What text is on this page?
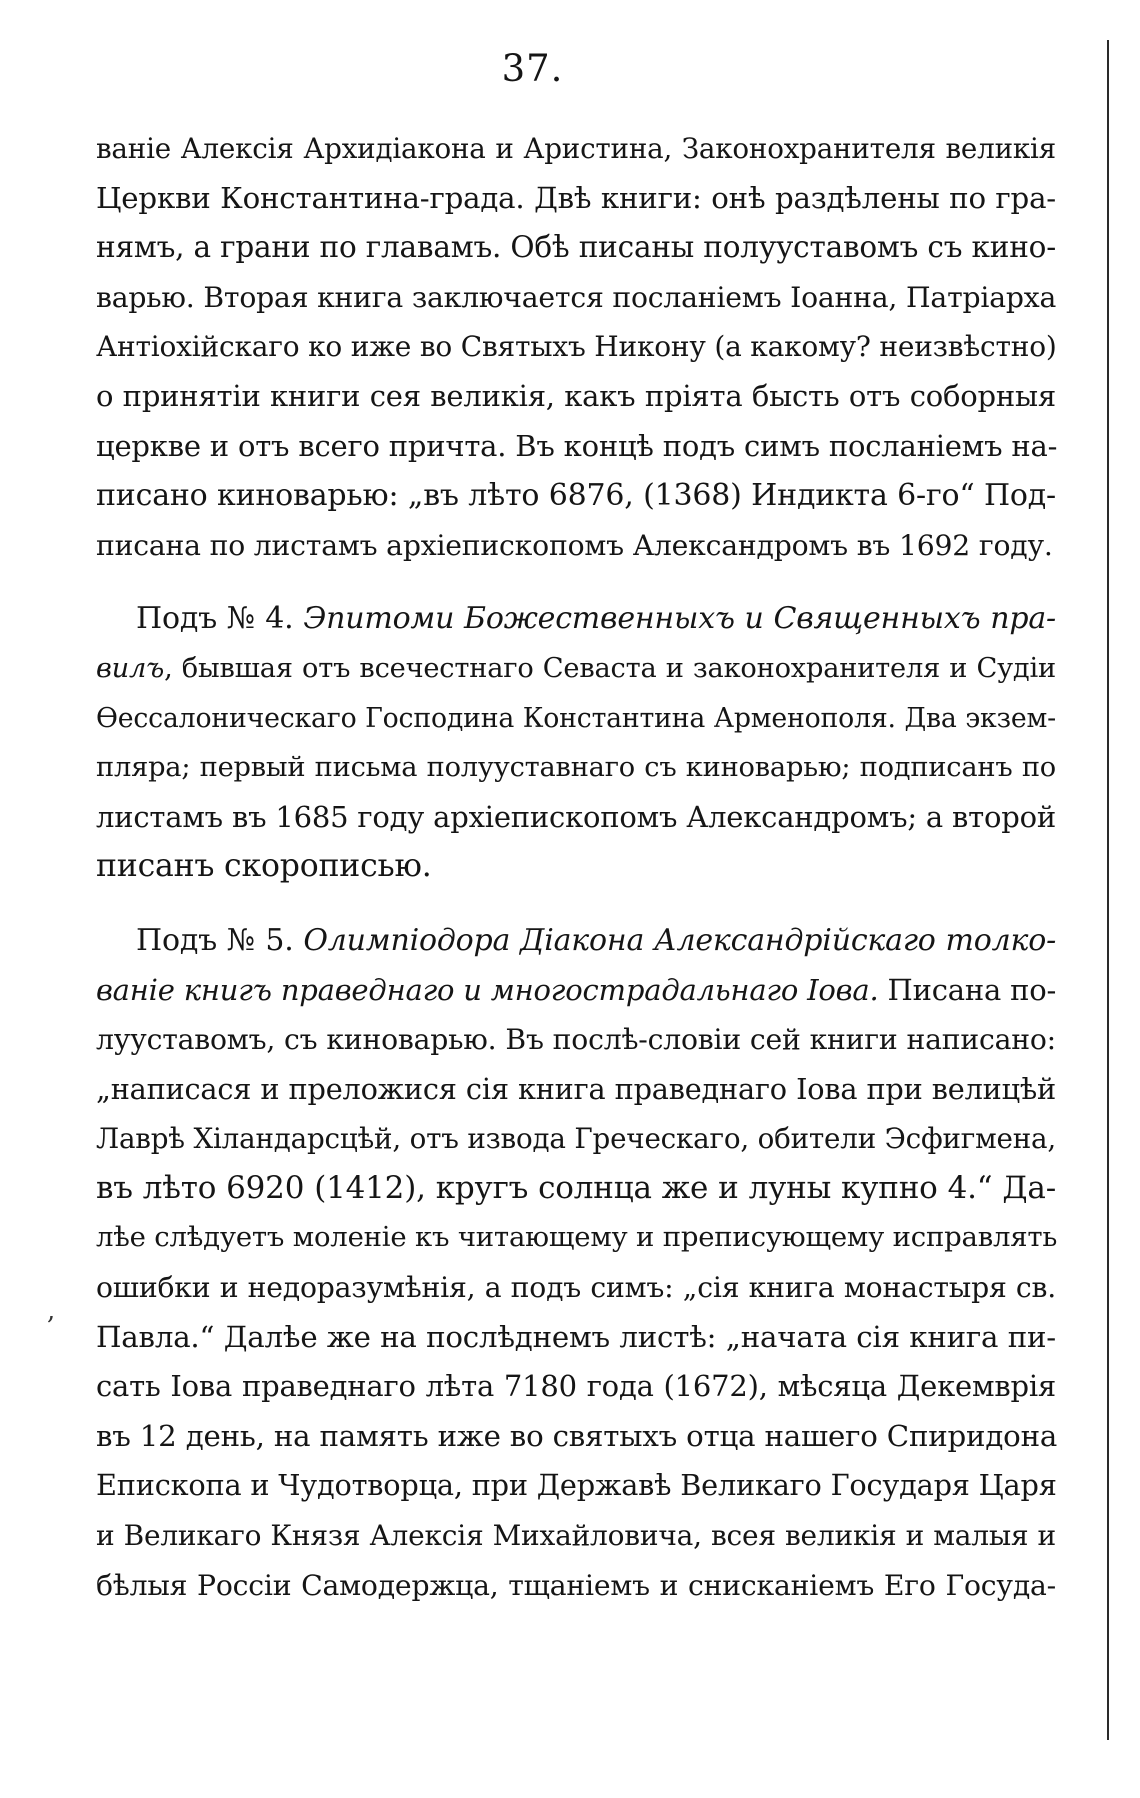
37.
,
ваніе Алексія Архидіакона и Аристина, Законохранителя великія
Церкви Константина-града. Двѣ книги: онѣ раздѣлены по гра-
нямъ, а грани по главамъ. Обѣ писаны полууставомъ съ кино-
варью. Вторая книга заключается посланіемъ Іоанна, Патріарха
Антіохійскаго ко иже во Святыхъ Никону (а какому? неизвѣстно)
о принятіи книги сея великія, какъ пріята бысть отъ соборныя
церкве и отъ всего причта. Въ концѣ подъ симъ посланіемъ на-
писано киноварью: „въ лѣто 6876, (1368) Индикта 6-го“ Под-
писана по листамъ архіепископомъ Александромъ въ 1692 году.
Подъ № 4. Эпитоми Божественныхъ и Священныхъ пра-
вилъ, бывшая отъ всечестнаго Севаста и законохранителя и Судіи
Ѳессалоническаго Господина Константина Арменополя. Два экзем-
пляра; первый письма полууставнаго съ киноварью; подписанъ по
листамъ въ 1685 году архіепископомъ Александромъ; а второй
писанъ скорописью.
Подъ № 5. Олимпіодора Діакона Александрійскаго толко-
ваніе книгъ праведнаго и многострадальнаго Іова. Писана по-
лууставомъ, съ киноварью. Въ послѣ-словіи сей книги написано:
„написася и преложися сія книга праведнаго Іова при велицѣй
Лаврѣ Хіландарсцѣй, отъ извода Греческаго, обители Эсфигмена,
въ лѣто 6920 (1412), кругъ солнца же и луны купно 4.“ Да-
лѣе слѣдуетъ моленіе къ читающему и преписующему исправлять
ошибки и недоразумѣнія, а подъ симъ: „сія книга монастыря св.
Павла.“ Далѣе же на послѣднемъ листѣ: „начата сія книга пи-
сать Іова праведнаго лѣта 7180 года (1672), мѣсяца Декемврія
въ 12 день, на память иже во святыхъ отца нашего Спиридона
Епископа и Чудотворца, при Державѣ Великаго Государя Царя
и Великаго Князя Алексія Михайловича, всея великія и малыя и
бѣлыя Россіи Самодержца, тщаніемъ и снисканіемъ Его Госуда-
